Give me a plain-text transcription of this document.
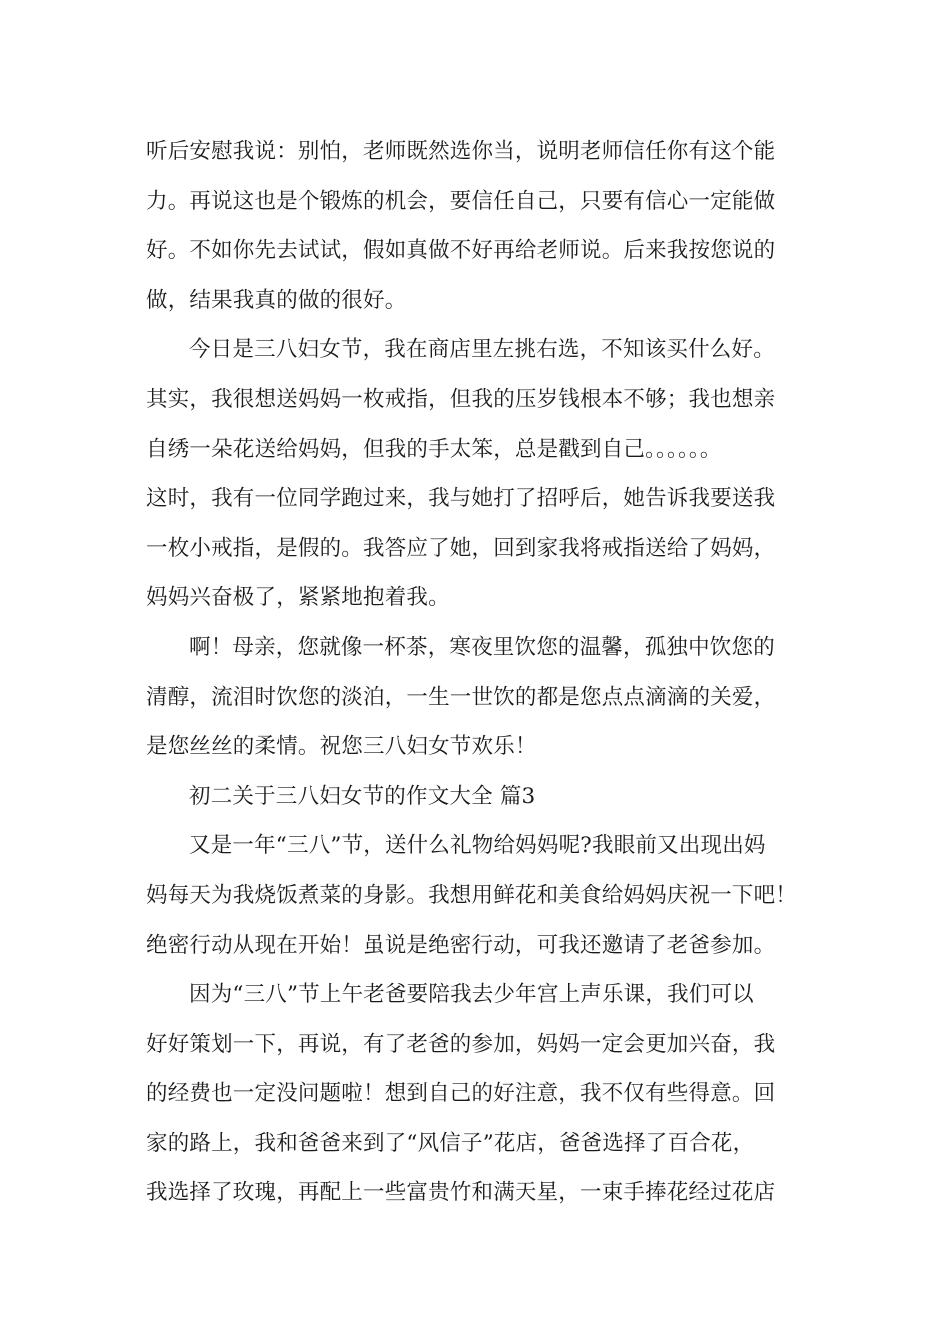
听后安慰我说：别怕，老师既然选你当，说明老师信任你有这个能
力。再说这也是个锻炼的机会，要信任自己，只要有信心一定能做
好。不如你先去试试，假如真做不好再给老师说。后来我按您说的
做，结果我真的做的很好。
今日是三八妇女节，我在商店里左挑右选，不知该买什么好。
其实，我很想送妈妈一枚戒指，但我的压岁钱根本不够；我也想亲
自绣一朵花送给妈妈，但我的手太笨，总是戳到自己。。。。。。
这时，我有一位同学跑过来，我与她打了招呼后，她告诉我要送我
一枚小戒指，是假的。我答应了她，回到家我将戒指送给了妈妈，
妈妈兴奋极了，紧紧地抱着我。
啊！母亲，您就像一杯茶，寒夜里饮您的温馨，孤独中饮您的
清醇，流泪时饮您的淡泊，一生一世饮的都是您点点滴滴的关爱，
是您丝丝的柔情。祝您三八妇女节欢乐！
初二关于三八妇女节的作文大全 篇3
又是一年“三八”节，送什么礼物给妈妈呢?我眼前又出现出妈
妈每天为我烧饭煮菜的身影。我想用鲜花和美食给妈妈庆祝一下吧！
绝密行动从现在开始！虽说是绝密行动，可我还邀请了老爸参加。
因为“三八”节上午老爸要陪我去少年宫上声乐课，我们可以
好好策划一下，再说，有了老爸的参加，妈妈一定会更加兴奋，我
的经费也一定没问题啦！想到自己的好注意，我不仅有些得意。回
家的路上，我和爸爸来到了“风信子”花店，爸爸选择了百合花，
我选择了玫瑰，再配上一些富贵竹和满天星，一束手捧花经过花店
